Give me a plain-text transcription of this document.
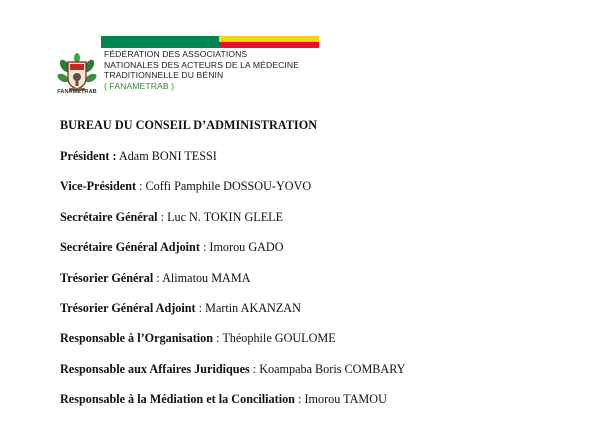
FANAMETRAB
FÉDÉRATION DES ASSOCIATIONS
NATIONALES DES ACTEURS DE LA MÉDECINE
TRADITIONNELLE DU BÉNIN
( FANAMETRAB )
BUREAU DU CONSEIL D’ADMINISTRATION
Président : Adam BONI TESSI
Vice-Président : Coffi Pamphile DOSSOU-YOVO
Secrétaire Général : Luc N. TOKIN GLELE
Secrétaire Général Adjoint : Imorou GADO
Trésorier Général : Alimatou MAMA
Trésorier Général Adjoint : Martin AKANZAN
Responsable à l’Organisation : Théophile GOULOME
Responsable aux Affaires Juridiques : Koampaba Boris COMBARY
Responsable à la Médiation et la Conciliation : Imorou TAMOU
